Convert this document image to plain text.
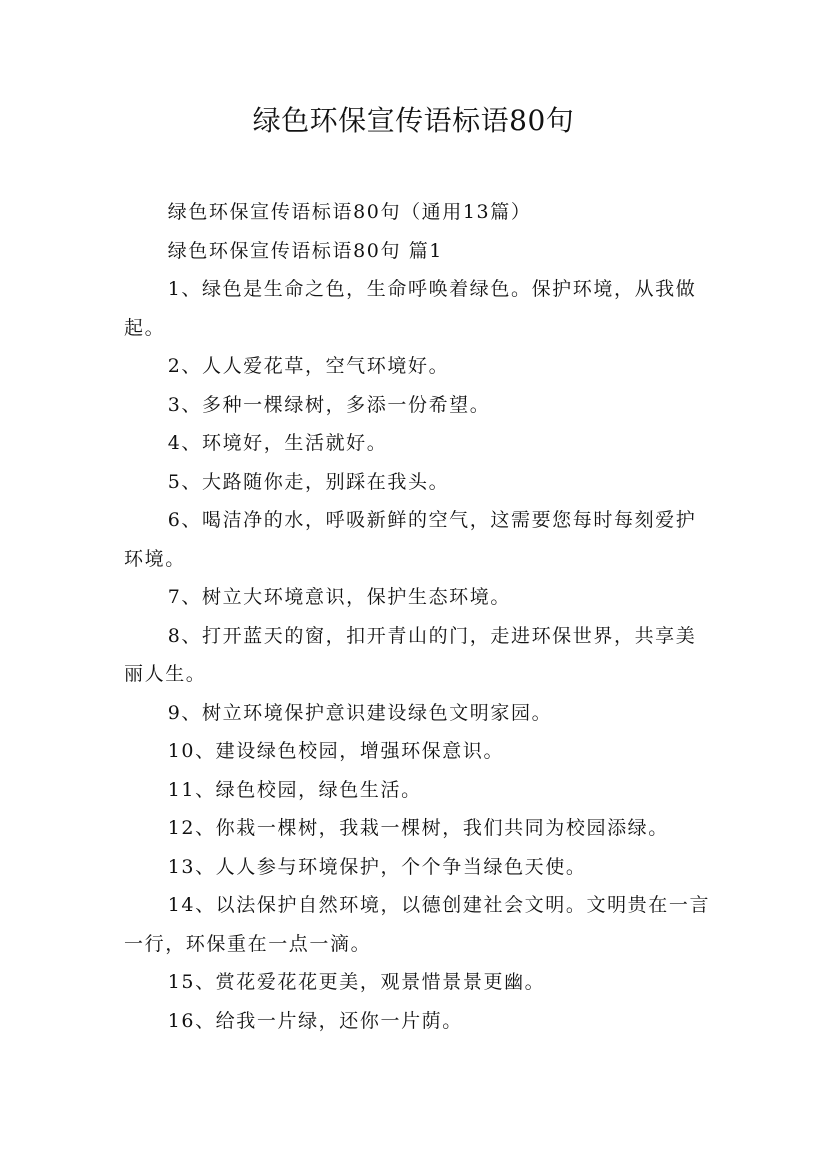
绿色环保宣传语标语80句

绿色环保宣传语标语80句（通用13篇）

绿色环保宣传语标语80句 篇1

1、绿色是生命之色，生命呼唤着绿色。保护环境，从我做起。

2、人人爱花草，空气环境好。

3、多种一棵绿树，多添一份希望。

4、环境好，生活就好。

5、大路随你走，别踩在我头。

6、喝洁净的水，呼吸新鲜的空气，这需要您每时每刻爱护环境。

7、树立大环境意识，保护生态环境。

8、打开蓝天的窗，扣开青山的门，走进环保世界，共享美丽人生。

9、树立环境保护意识建设绿色文明家园。

10、建设绿色校园，增强环保意识。

11、绿色校园，绿色生活。

12、你栽一棵树，我栽一棵树，我们共同为校园添绿。

13、人人参与环境保护，个个争当绿色天使。

14、以法保护自然环境，以德创建社会文明。文明贵在一言一行，环保重在一点一滴。

15、赏花爱花花更美，观景惜景景更幽。

16、给我一片绿，还你一片荫。
